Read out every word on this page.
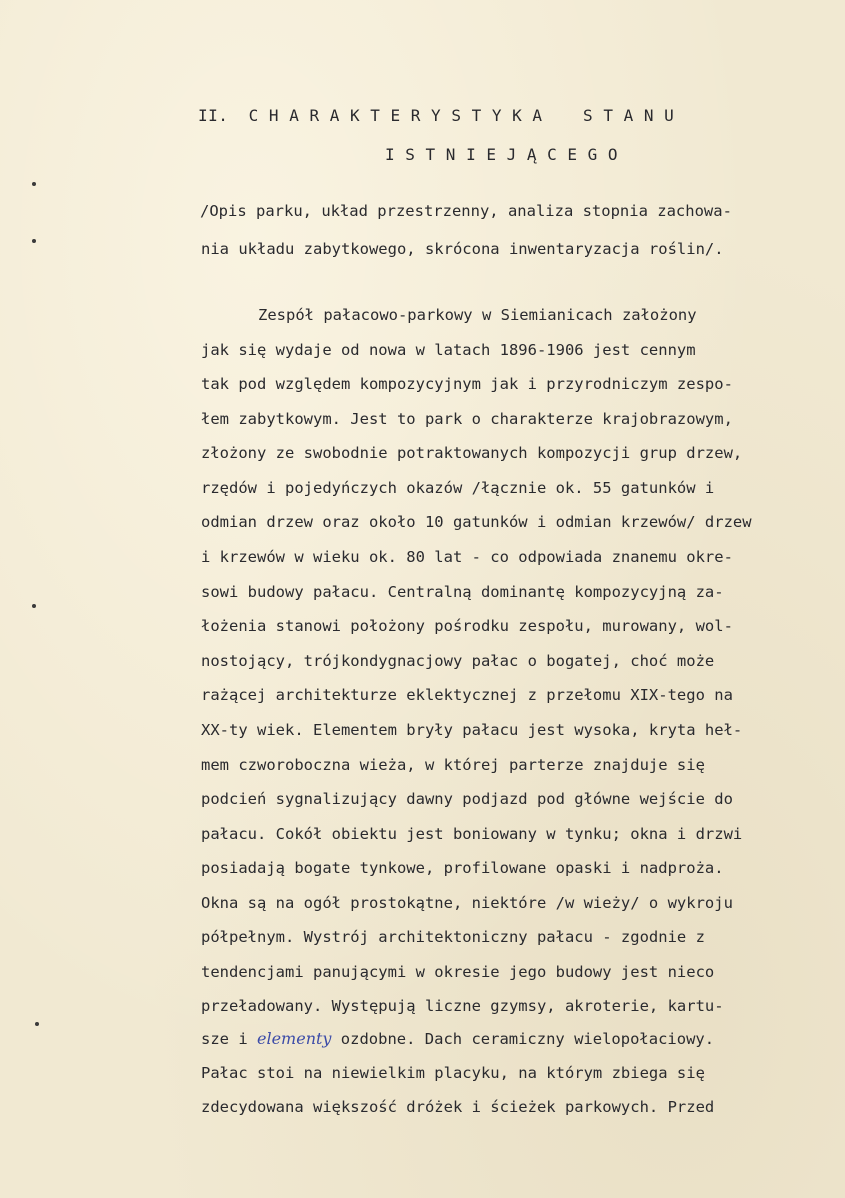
II.  C H A R A K T E R Y S T Y K A    S T A N U
I S T N I E J Ą C E G O
/Opis parku, układ przestrzenny, analiza stopnia zachowa-
nia układu zabytkowego, skrócona inwentaryzacja roślin/.
Zespół pałacowo-parkowy w Siemianicach założony
jak się wydaje od nowa w latach 1896-1906 jest cennym
tak pod względem kompozycyjnym jak i przyrodniczym zespo-
łem zabytkowym. Jest to park o charakterze krajobrazowym,
złożony ze swobodnie potraktowanych kompozycji grup drzew,
rzędów i pojedyńczych okazów /łącznie ok. 55 gatunków i
odmian drzew oraz około 10 gatunków i odmian krzewów/ drzew
i krzewów w wieku ok. 80 lat - co odpowiada znanemu okre-
sowi budowy pałacu. Centralną dominantę kompozycyjną za-
łożenia stanowi położony pośrodku zespołu, murowany, wol-
nostojący, trójkondygnacjowy pałac o bogatej, choć może
rażącej architekturze eklektycznej z przełomu XIX-tego na
XX-ty wiek. Elementem bryły pałacu jest wysoka, kryta heł-
mem czworoboczna wieża, w której parterze znajduje się
podcień sygnalizujący dawny podjazd pod główne wejście do
pałacu. Cokół obiektu jest boniowany w tynku; okna i drzwi
posiadają bogate tynkowe, profilowane opaski i nadproża.
Okna są na ogół prostokątne, niektóre /w wieży/ o wykroju
półpełnym. Wystrój architektoniczny pałacu - zgodnie z
tendencjami panującymi w okresie jego budowy jest nieco
przeładowany. Występują liczne gzymsy, akroterie, kartu-
sze i elementy ozdobne. Dach ceramiczny wielopołaciowy.
Pałac stoi na niewielkim placyku, na którym zbiega się
zdecydowana większość dróżek i ścieżek parkowych. Przed
